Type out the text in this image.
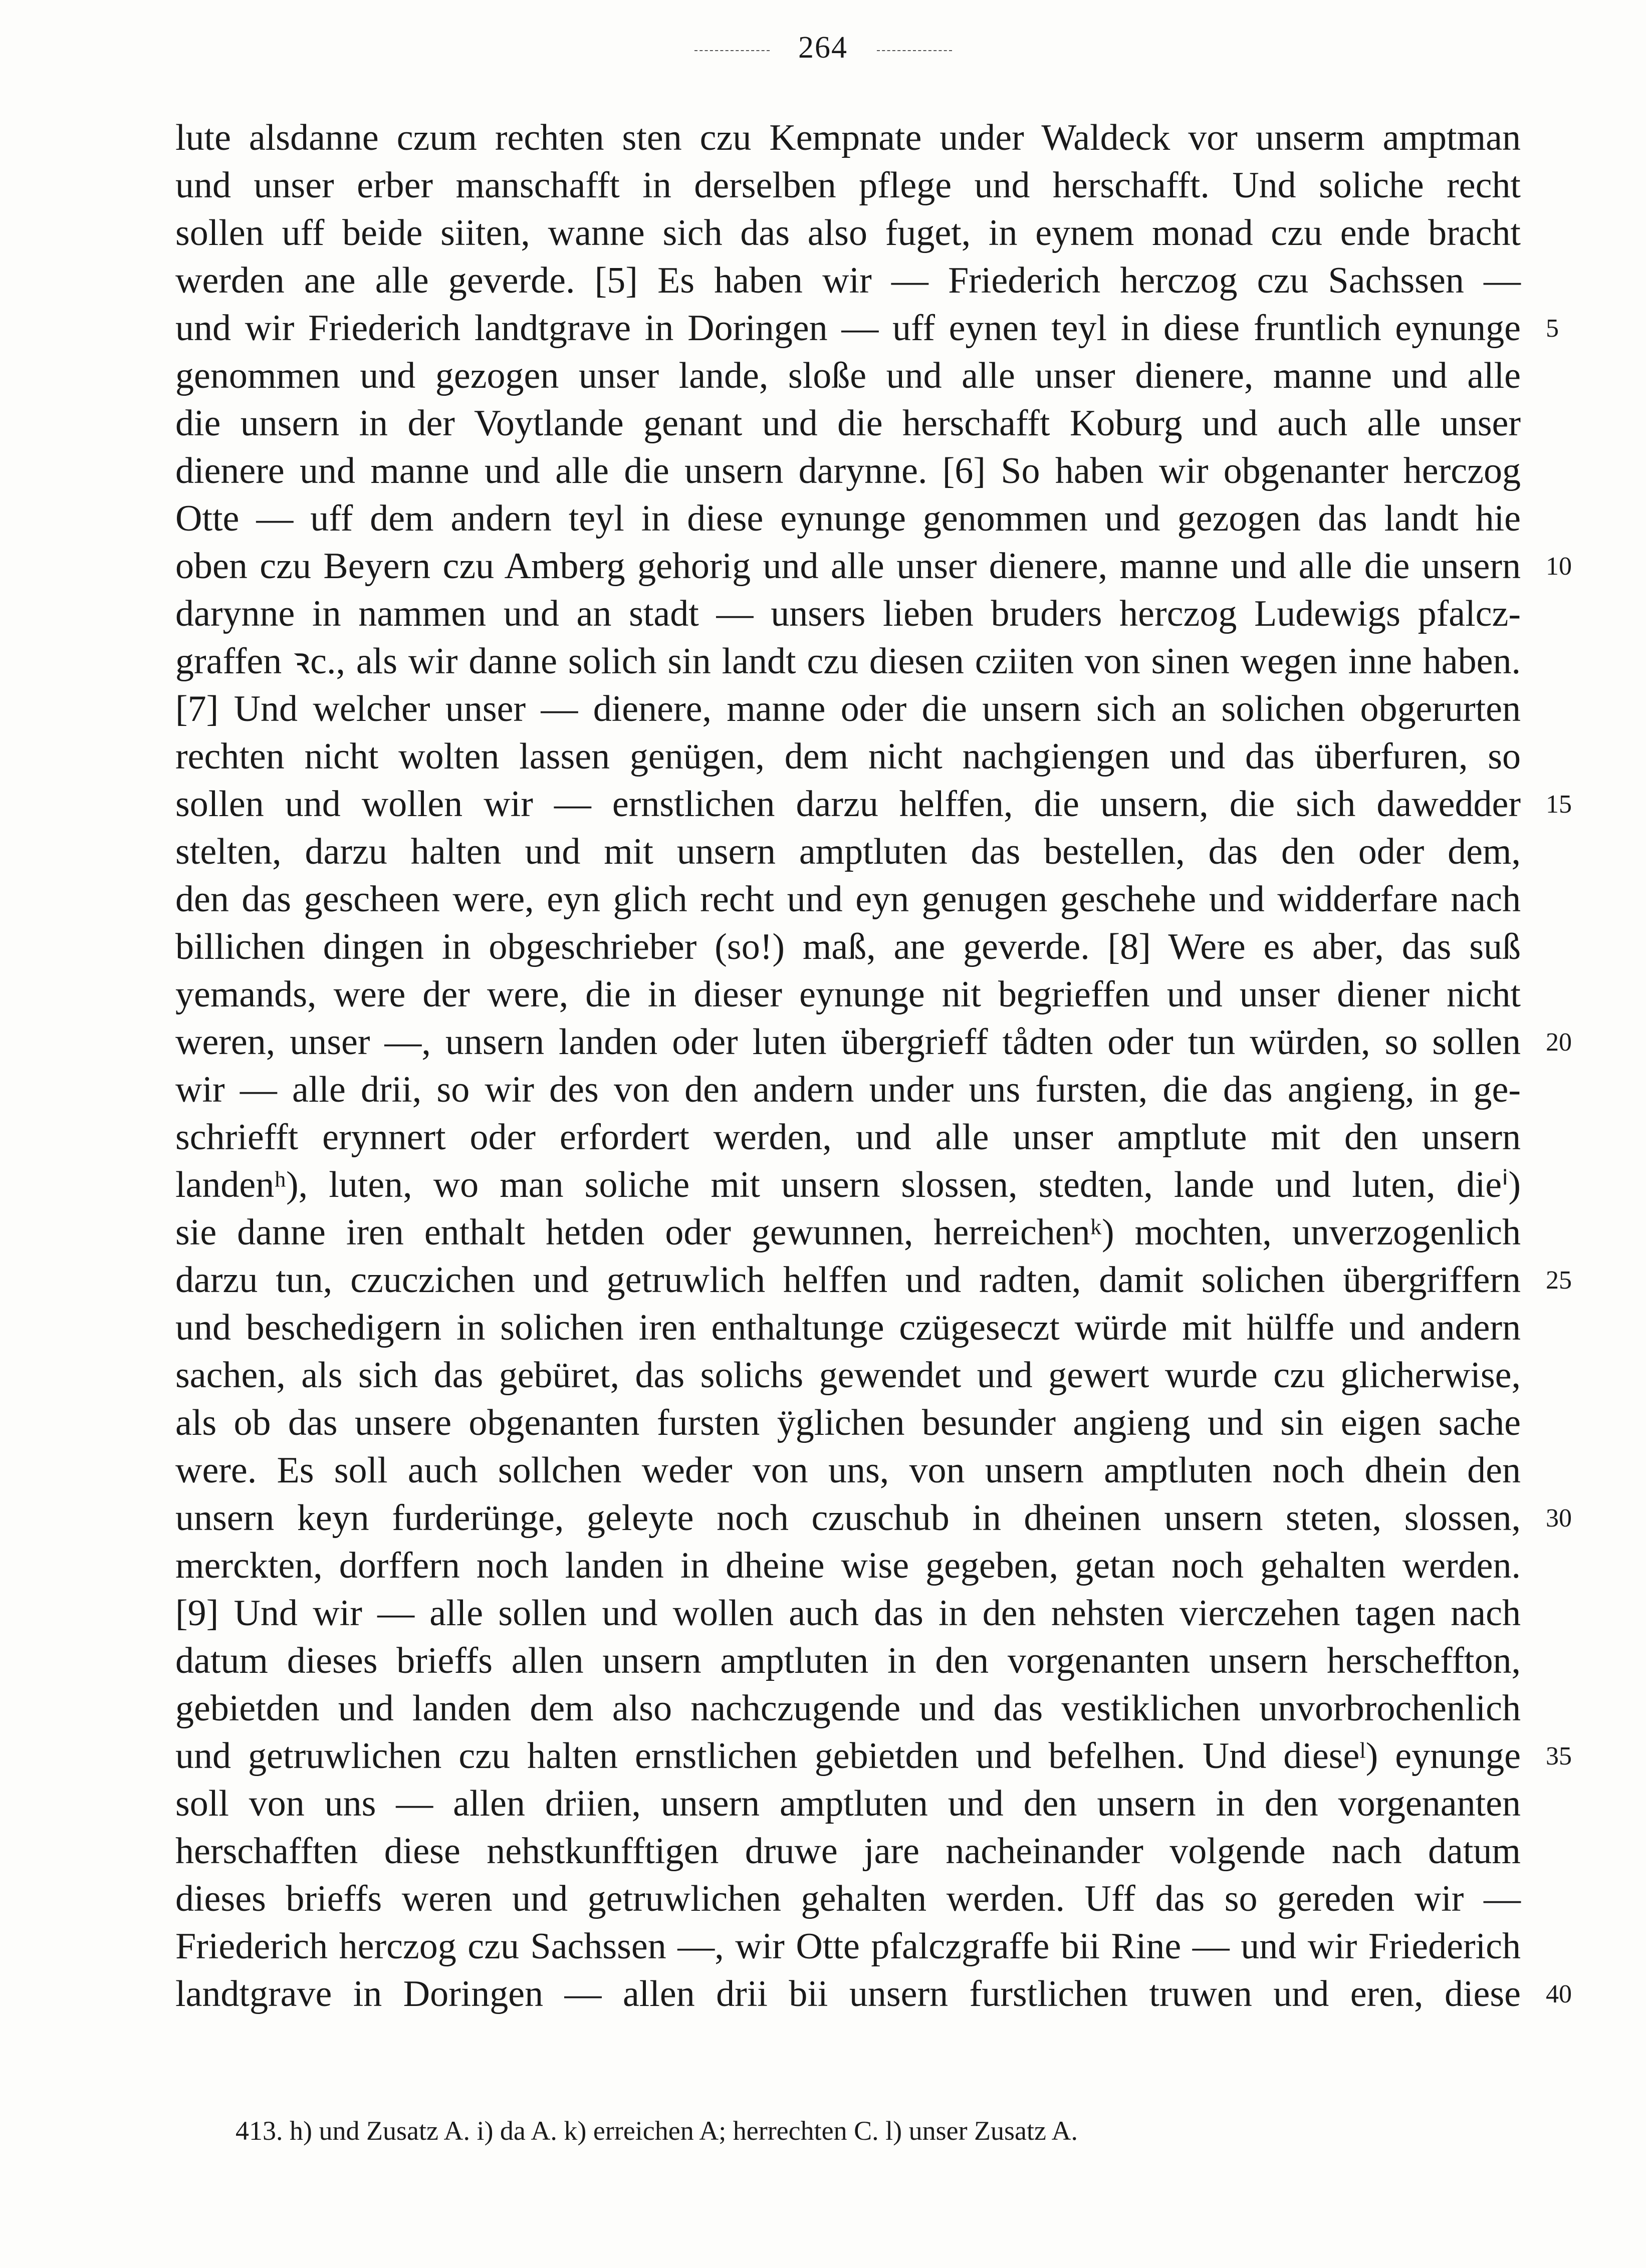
264
lute alsdanne czum rechten sten czu Kempnate under Waldeck vor unserm amptman
und unser erber manschafft in derselben pflege und herschafft. Und soliche recht
sollen uff beide siiten, wanne sich das also fuget, in eynem monad czu ende bracht
werden ane alle geverde. [5] Es haben wir — Friederich herczog czu Sachssen —
und wir Friederich landtgrave in Doringen — uff eynen teyl in diese fruntlich eynunge 5
genommen und gezogen unser lande, sloße und alle unser dienere, manne und alle
die unsern in der Voytlande genant und die herschafft Koburg und auch alle unser
dienere und manne und alle die unsern darynne. [6] So haben wir obgenanter herczog
Otte — uff dem andern teyl in diese eynunge genommen und gezogen das landt hie
oben czu Beyern czu Amberg gehorig und alle unser dienere, manne und alle die unsern 10
darynne in nammen und an stadt — unsers lieben bruders herczog Ludewigs pfalcz-
graffen ꝛc., als wir danne solich sin landt czu diesen cziiten von sinen wegen inne haben.
[7] Und welcher unser — dienere, manne oder die unsern sich an solichen obgerurten
rechten nicht wolten lassen genügen, dem nicht nachgiengen und das überfuren, so
sollen und wollen wir — ernstlichen darzu helffen, die unsern, die sich dawedder 15
stelten, darzu halten und mit unsern amptluten das bestellen, das den oder dem,
den das gescheen were, eyn glich recht und eyn genugen geschehe und widderfare nach
billichen dingen in obgeschrieber (so!) maß, ane geverde. [8] Were es aber, das suß
yemands, were der were, die in dieser eynunge nit begrieffen und unser diener nicht
weren, unser —, unsern landen oder luten übergrieff tådten oder tun würden, so sollen 20
wir — alle drii, so wir des von den andern under uns fursten, die das angieng, in ge-
schriefft erynnert oder erfordert werden, und alle unser amptlute mit den unsern
landenʰ), luten, wo man soliche mit unsern slossen, stedten, lande und luten, dieⁱ)
sie danne iren enthalt hetden oder gewunnen, herreichenᵏ) mochten, unverzogenlich
darzu tun, czuczichen und getruwlich helffen und radten, damit solichen übergriffern 25
und beschedigern in solichen iren enthaltunge czügeseczt würde mit hülffe und andern
sachen, als sich das gebüret, das solichs gewendet und gewert wurde czu glicherwise,
als ob das unsere obgenanten fursten ÿglichen besunder angieng und sin eigen sache
were. Es soll auch sollchen weder von uns, von unsern amptluten noch dhein den
unsern keyn furderünge, geleyte noch czuschub in dheinen unsern steten, slossen, 30
merckten, dorffern noch landen in dheine wise gegeben, getan noch gehalten werden.
[9] Und wir — alle sollen und wollen auch das in den nehsten vierczehen tagen nach
datum dieses brieffs allen unsern amptluten in den vorgenanten unsern herscheffton,
gebietden und landen dem also nachczugende und das vestiklichen unvorbrochenlich
und getruwlichen czu halten ernstlichen gebietden und befelhen. Und dieseˡ) eynunge 35
soll von uns — allen driien, unsern amptluten und den unsern in den vorgenanten
herschafften diese nehstkunfftigen druwe jare nacheinander volgende nach datum
dieses brieffs weren und getruwlichen gehalten werden. Uff das so gereden wir —
Friederich herczog czu Sachssen —, wir Otte pfalczgraffe bii Rine — und wir Friederich
landtgrave in Doringen — allen drii bii unsern furstlichen truwen und eren, diese 40
413. h) und Zusatz A. i) da A. k) erreichen A; herrechten C. l) unser Zusatz A.
